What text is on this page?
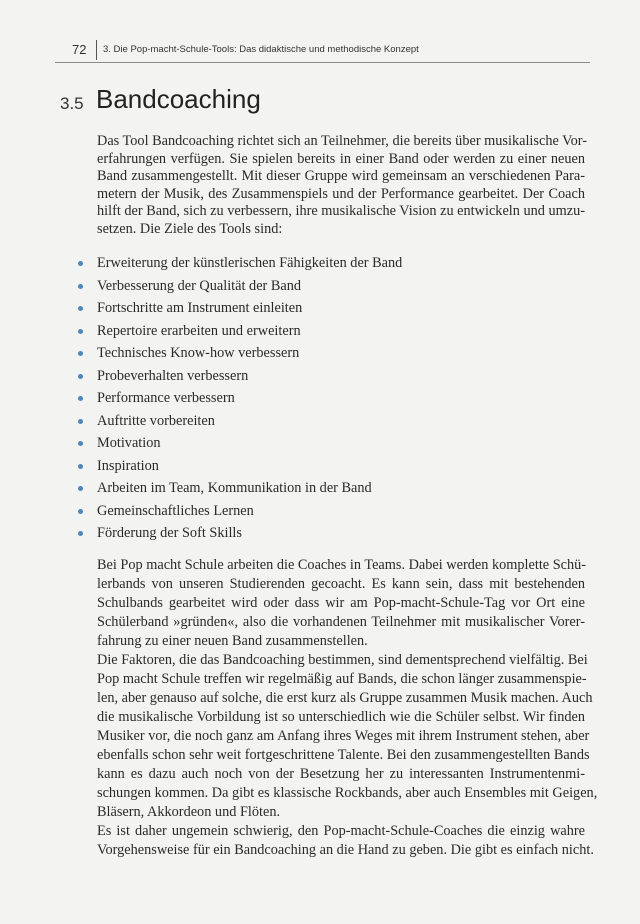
72 3. Die Pop-macht-Schule-Tools: Das didaktische und methodische Konzept
3.5 Bandcoaching
Das Tool Bandcoaching richtet sich an Teilnehmer, die bereits über musikalische Vor-
erfahrungen verfügen. Sie spielen bereits in einer Band oder werden zu einer neuen
Band zusammengestellt. Mit dieser Gruppe wird gemeinsam an verschiedenen Para-
metern der Musik, des Zusammenspiels und der Performance gearbeitet. Der Coach
hilft der Band, sich zu verbessern, ihre musikalische Vision zu entwickeln und umzu-
setzen. Die Ziele des Tools sind:
Erweiterung der künstlerischen Fähigkeiten der Band
Verbesserung der Qualität der Band
Fortschritte am Instrument einleiten
Repertoire erarbeiten und erweitern
Technisches Know-how verbessern
Probeverhalten verbessern
Performance verbessern
Auftritte vorbereiten
Motivation
Inspiration
Arbeiten im Team, Kommunikation in der Band
Gemeinschaftliches Lernen
Förderung der Soft Skills
Bei Pop macht Schule arbeiten die Coaches in Teams. Dabei werden komplette Schü-
lerbands von unseren Studierenden gecoacht. Es kann sein, dass mit bestehenden
Schulbands gearbeitet wird oder dass wir am Pop-macht-Schule-Tag vor Ort eine
Schülerband »gründen«, also die vorhandenen Teilnehmer mit musikalischer Vorer-
fahrung zu einer neuen Band zusammenstellen.
Die Faktoren, die das Bandcoaching bestimmen, sind dementsprechend vielfältig. Bei
Pop macht Schule treffen wir regelmäßig auf Bands, die schon länger zusammenspie-
len, aber genauso auf solche, die erst kurz als Gruppe zusammen Musik machen. Auch
die musikalische Vorbildung ist so unterschiedlich wie die Schüler selbst. Wir finden
Musiker vor, die noch ganz am Anfang ihres Weges mit ihrem Instrument stehen, aber
ebenfalls schon sehr weit fortgeschrittene Talente. Bei den zusammengestellten Bands
kann es dazu auch noch von der Besetzung her zu interessanten Instrumentenmi-
schungen kommen. Da gibt es klassische Rockbands, aber auch Ensembles mit Geigen,
Bläsern, Akkordeon und Flöten.
Es ist daher ungemein schwierig, den Pop-macht-Schule-Coaches die einzig wahre
Vorgehensweise für ein Bandcoaching an die Hand zu geben. Die gibt es einfach nicht.
